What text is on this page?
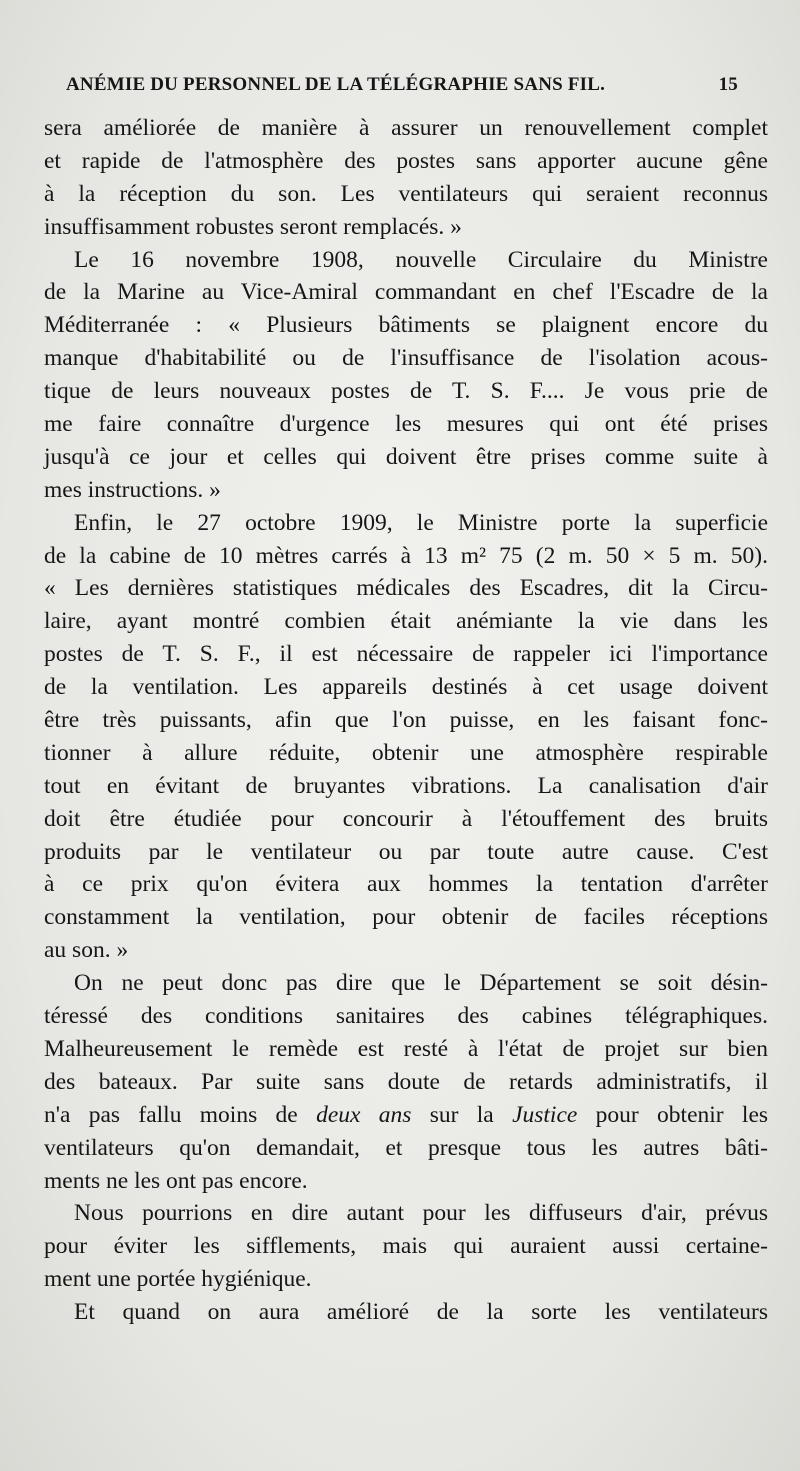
ANÉMIE DU PERSONNEL DE LA TÉLÉGRAPHIE SANS FIL.	15
sera améliorée de manière à assurer un renouvellement complet
et rapide de l'atmosphère des postes sans apporter aucune gêne
à la réception du son. Les ventilateurs qui seraient reconnus
insuffisamment robustes seront remplacés. »
Le 16 novembre 1908, nouvelle Circulaire du Ministre
de la Marine au Vice-Amiral commandant en chef l'Escadre de la
Méditerranée : « Plusieurs bâtiments se plaignent encore du
manque d'habitabilité ou de l'insuffisance de l'isolation acous-
tique de leurs nouveaux postes de T. S. F.... Je vous prie de
me faire connaître d'urgence les mesures qui ont été prises
jusqu'à ce jour et celles qui doivent être prises comme suite à
mes instructions. »
Enfin, le 27 octobre 1909, le Ministre porte la superficie
de la cabine de 10 mètres carrés à 13 m² 75 (2 m. 50 × 5 m. 50).
« Les dernières statistiques médicales des Escadres, dit la Circu-
laire, ayant montré combien était anémiante la vie dans les
postes de T. S. F., il est nécessaire de rappeler ici l'importance
de la ventilation. Les appareils destinés à cet usage doivent
être très puissants, afin que l'on puisse, en les faisant fonc-
tionner à allure réduite, obtenir une atmosphère respirable
tout en évitant de bruyantes vibrations. La canalisation d'air
doit être étudiée pour concourir à l'étouffement des bruits
produits par le ventilateur ou par toute autre cause. C'est
à ce prix qu'on évitera aux hommes la tentation d'arrêter
constamment la ventilation, pour obtenir de faciles réceptions
au son. »
On ne peut donc pas dire que le Département se soit désin-
téressé des conditions sanitaires des cabines télégraphiques.
Malheureusement le remède est resté à l'état de projet sur bien
des bateaux. Par suite sans doute de retards administratifs, il
n'a pas fallu moins de deux ans sur la Justice pour obtenir les
ventilateurs qu'on demandait, et presque tous les autres bâti-
ments ne les ont pas encore.
Nous pourrions en dire autant pour les diffuseurs d'air, prévus
pour éviter les sifflements, mais qui auraient aussi certaine-
ment une portée hygiénique.
Et quand on aura amélioré de la sorte les ventilateurs
